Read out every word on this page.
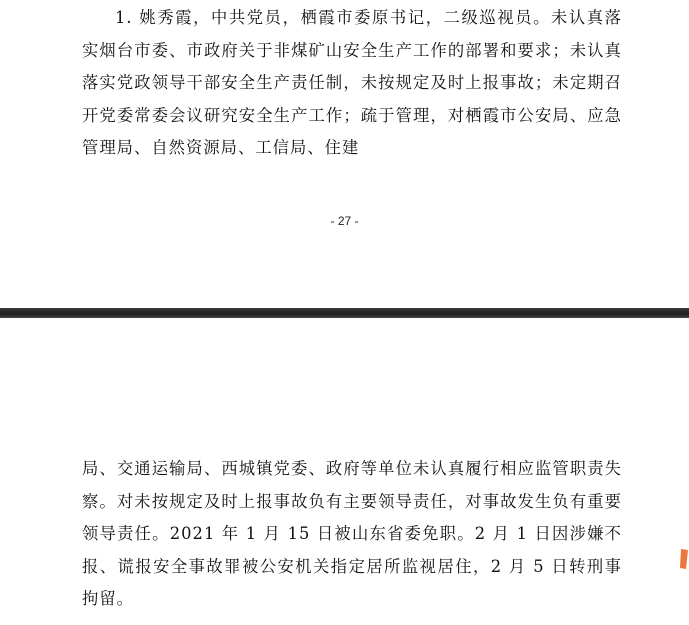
1. 姚秀霞，中共党员，栖霞市委原书记，二级巡视员。未认真落实烟台市委、市政府关于非煤矿山安全生产工作的部署和要求；未认真落实党政领导干部安全生产责任制，未按规定及时上报事故；未定期召开党委常委会议研究安全生产工作；疏于管理，对栖霞市公安局、应急管理局、自然资源局、工信局、住建

- 27 -

局、交通运输局、西城镇党委、政府等单位未认真履行相应监管职责失察。对未按规定及时上报事故负有主要领导责任，对事故发生负有重要领导责任。2021 年 1 月 15 日被山东省委免职。2 月 1 日因涉嫌不报、谎报安全事故罪被公安机关指定居所监视居住，2 月 5 日转刑事拘留。
